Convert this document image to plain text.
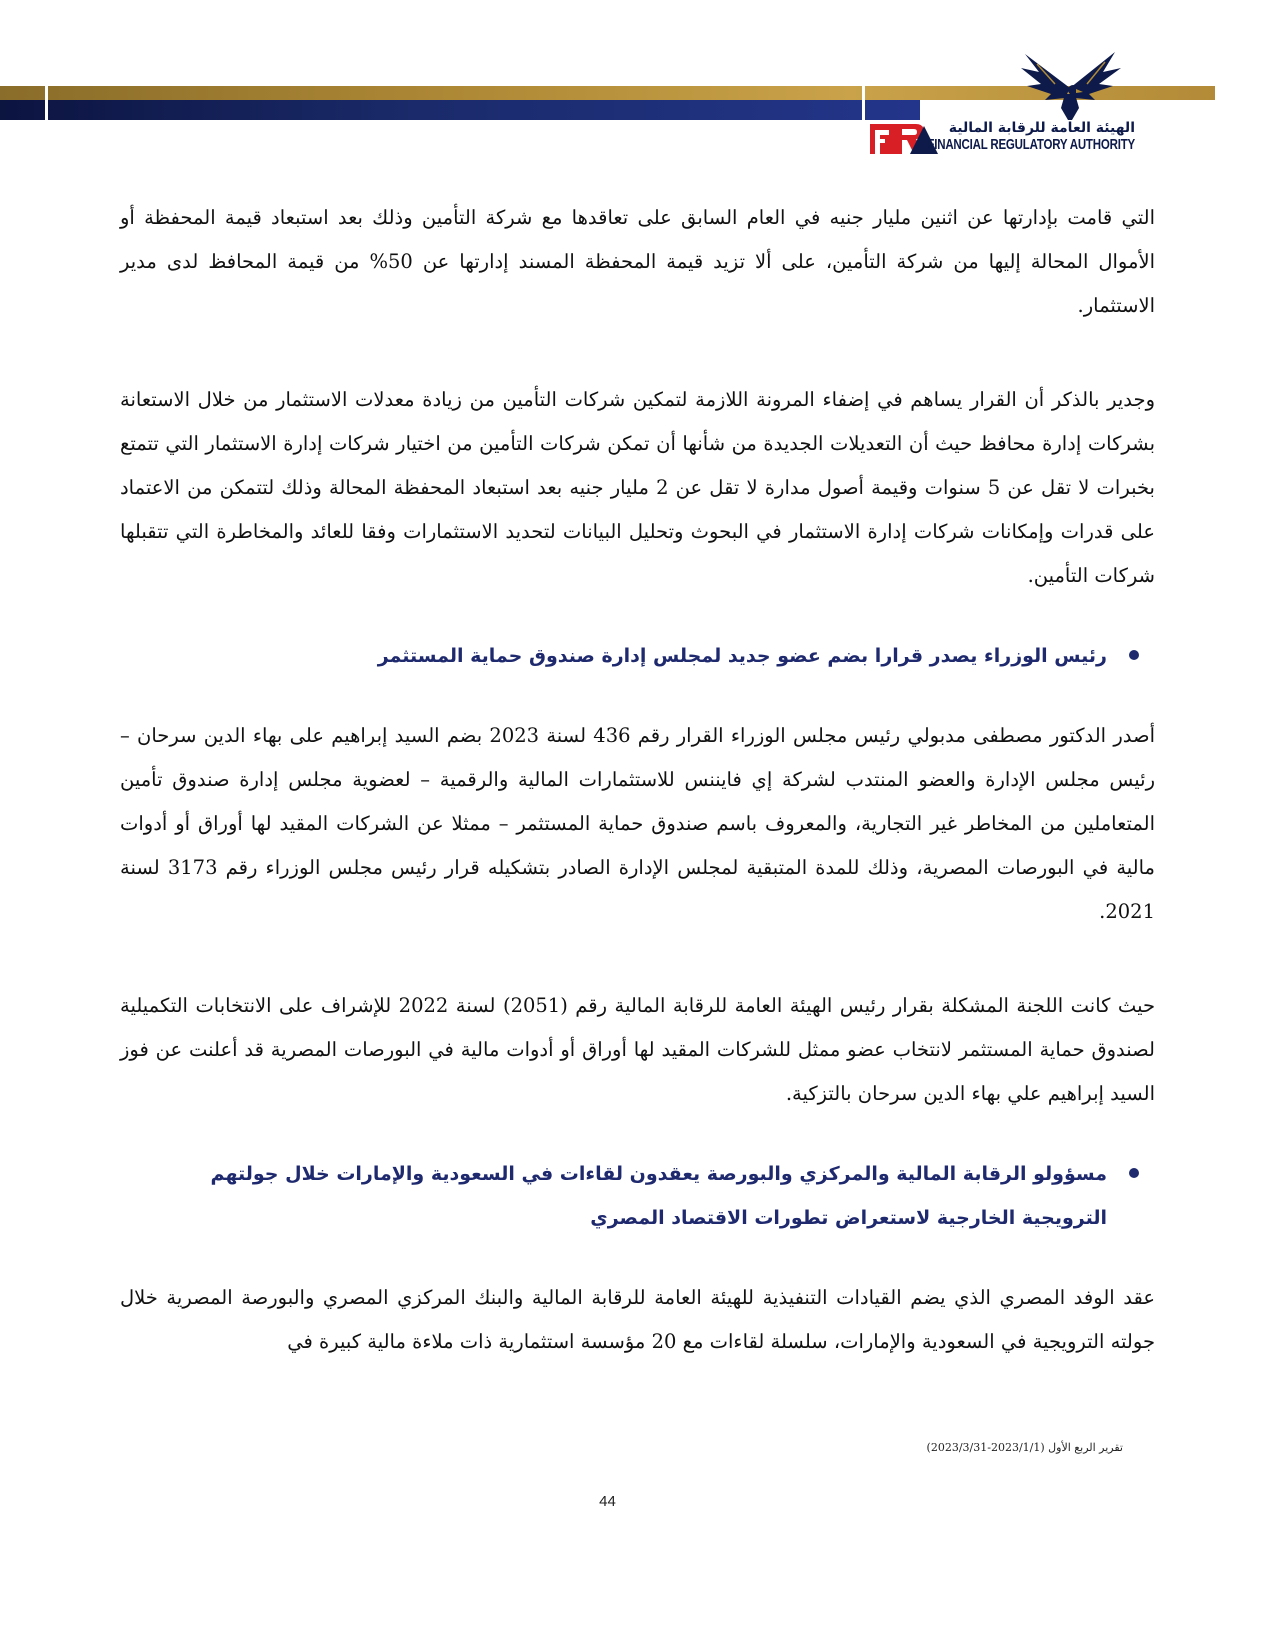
الهيئة العامة للرقابة المالية
FINANCIAL REGULATORY AUTHORITY

التي قامت بإدارتها عن اثنين مليار جنيه في العام السابق على تعاقدها مع شركة التأمين وذلك بعد استبعاد قيمة المحفظة أو الأموال المحالة إليها من شركة التأمين، على ألا تزيد قيمة المحفظة المسند إدارتها عن 50% من قيمة المحافظ لدى مدير الاستثمار.

وجدير بالذكر أن القرار يساهم في إضفاء المرونة اللازمة لتمكين شركات التأمين من زيادة معدلات الاستثمار من خلال الاستعانة بشركات إدارة محافظ حيث أن التعديلات الجديدة من شأنها أن تمكن شركات التأمين من اختيار شركات إدارة الاستثمار التي تتمتع بخبرات لا تقل عن 5 سنوات وقيمة أصول مدارة لا تقل عن 2 مليار جنيه بعد استبعاد المحفظة المحالة وذلك لتتمكن من الاعتماد على قدرات وإمكانات شركات إدارة الاستثمار في البحوث وتحليل البيانات لتحديد الاستثمارات وفقا للعائد والمخاطرة التي تتقبلها شركات التأمين.

رئيس الوزراء يصدر قرارا بضم عضو جديد لمجلس إدارة صندوق حماية المستثمر

أصدر الدكتور مصطفى مدبولي رئيس مجلس الوزراء القرار رقم 436 لسنة 2023 بضم السيد إبراهيم على بهاء الدين سرحان – رئيس مجلس الإدارة والعضو المنتدب لشركة إي فايننس للاستثمارات المالية والرقمية – لعضوية مجلس إدارة صندوق تأمين المتعاملين من المخاطر غير التجارية، والمعروف باسم صندوق حماية المستثمر – ممثلا عن الشركات المقيد لها أوراق أو أدوات مالية في البورصات المصرية، وذلك للمدة المتبقية لمجلس الإدارة الصادر بتشكيله قرار رئيس مجلس الوزراء رقم 3173 لسنة 2021.

حيث كانت اللجنة المشكلة بقرار رئيس الهيئة العامة للرقابة المالية رقم (2051) لسنة 2022 للإشراف على الانتخابات التكميلية لصندوق حماية المستثمر لانتخاب عضو ممثل للشركات المقيد لها أوراق أو أدوات مالية في البورصات المصرية قد أعلنت عن فوز السيد إبراهيم علي بهاء الدين سرحان بالتزكية.

مسؤولو الرقابة المالية والمركزي والبورصة يعقدون لقاءات في السعودية والإمارات خلال جولتهم الترويجية الخارجية لاستعراض تطورات الاقتصاد المصري

عقد الوفد المصري الذي يضم القيادات التنفيذية للهيئة العامة للرقابة المالية والبنك المركزي المصري والبورصة المصرية خلال جولته الترويجية في السعودية والإمارات، سلسلة لقاءات مع 20 مؤسسة استثمارية ذات ملاءة مالية كبيرة في

تقرير الربع الأول (2023/1/1-2023/3/31)
44
